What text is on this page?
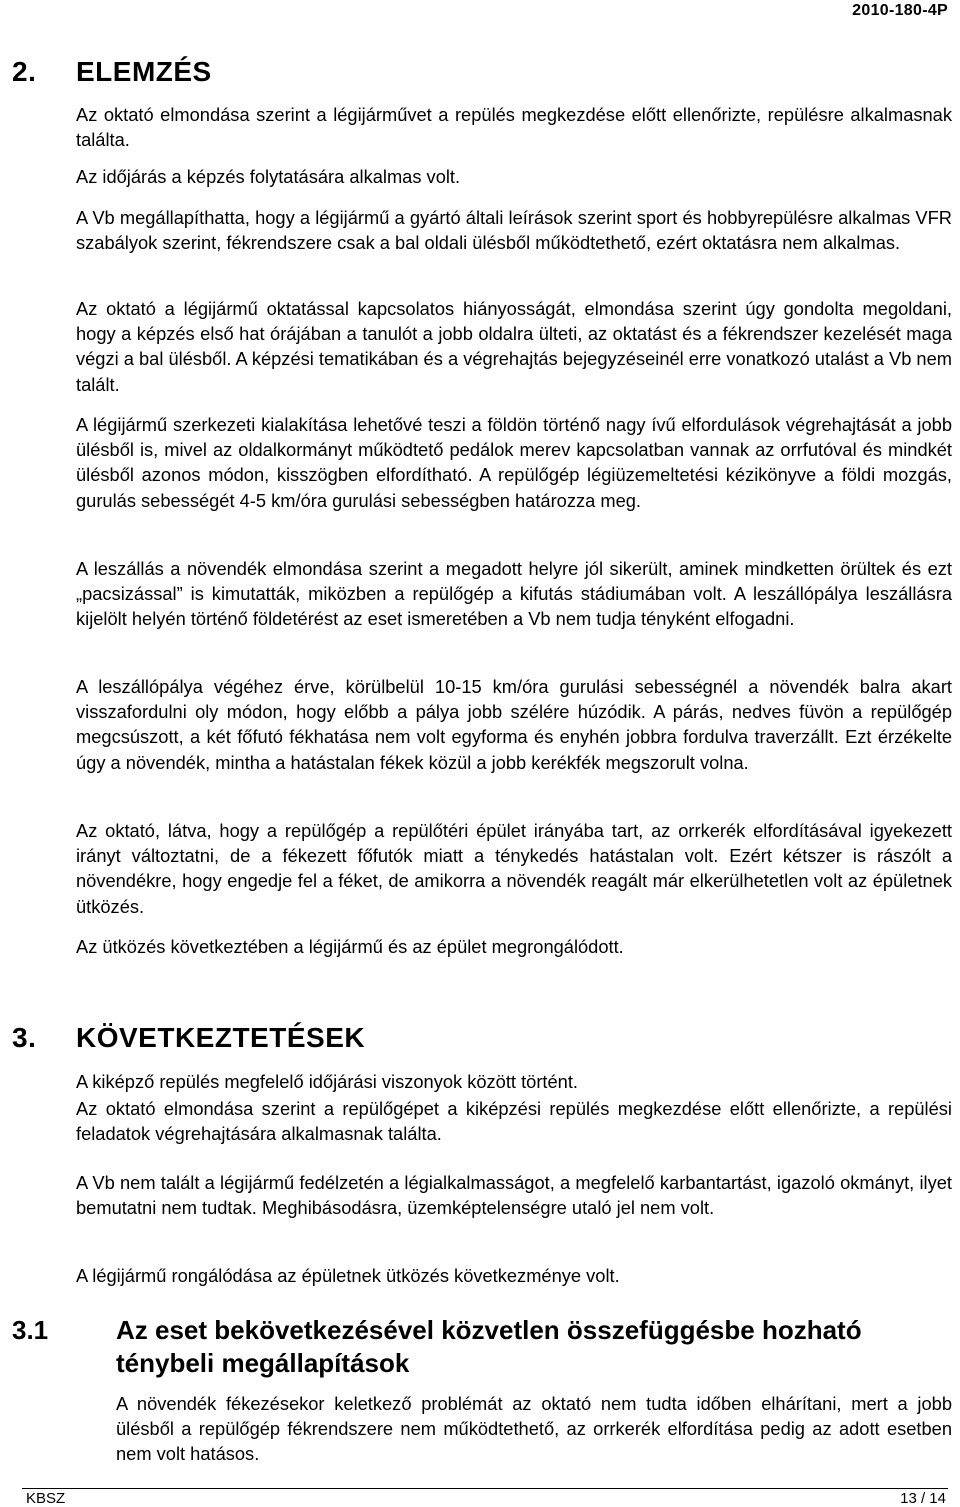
2010-180-4P
2.	ELEMZÉS

Az oktató elmondása szerint a légijárművet a repülés megkezdése előtt ellenőrizte, repülésre alkalmasnak találta.

Az időjárás a képzés folytatására alkalmas volt.

A Vb megállapíthatta, hogy a légijármű a gyártó általi leírások szerint sport és hobbyrepülésre alkalmas VFR szabályok szerint, fékrendszere csak a bal oldali ülésből működtethető, ezért oktatásra nem alkalmas.

Az oktató a légijármű oktatással kapcsolatos hiányosságát, elmondása szerint úgy gondolta megoldani, hogy a képzés első hat órájában a tanulót a jobb oldalra ülteti, az oktatást és a fékrendszer kezelését maga végzi a bal ülésből. A képzési tematikában és a végrehajtás bejegyzéseinél erre vonatkozó utalást a Vb nem talált.

A légijármű szerkezeti kialakítása lehetővé teszi a földön történő nagy ívű elfordulások végrehajtását a jobb ülésből is, mivel az oldalkormányt működtető pedálok merev kapcsolatban vannak az orrfutóval és mindkét ülésből azonos módon, kisszögben elfordítható. A repülőgép légiüzemeltetési kézikönyve a földi mozgás, gurulás sebességét 4-5 km/óra gurulási sebességben határozza meg.

A leszállás a növendék elmondása szerint a megadott helyre jól sikerült, aminek mindketten örültek és ezt „pacsizással” is kimutatták, miközben a repülőgép a kifutás stádiumában volt. A leszállópálya leszállásra kijelölt helyén történő földetérést az eset ismeretében a Vb nem tudja tényként elfogadni.

A leszállópálya végéhez érve, körülbelül 10-15 km/óra gurulási sebességnél a növendék balra akart visszafordulni oly módon, hogy előbb a pálya jobb szélére húzódik. A párás, nedves füvön a repülőgép megcsúszott, a két főfutó fékhatása nem volt egyforma és enyhén jobbra fordulva traverzállt. Ezt érzékelte úgy a növendék, mintha a hatástalan fékek közül a jobb kerékfék megszorult volna.

Az oktató, látva, hogy a repülőgép a repülőtéri épület irányába tart, az orrkerék elfordításával igyekezett irányt változtatni, de a fékezett főfutók miatt a ténykedés hatástalan volt. Ezért kétszer is rászólt a növendékre, hogy engedje fel a féket, de amikorra a növendék reagált már elkerülhetetlen volt az épületnek ütközés.

Az ütközés következtében a légijármű és az épület megrongálódott.

3.	KÖVETKEZTETÉSEK

A kiképző repülés megfelelő időjárási viszonyok között történt.

Az oktató elmondása szerint a repülőgépet a kiképzési repülés megkezdése előtt ellenőrizte, a repülési feladatok végrehajtására alkalmasnak találta.

A Vb nem talált a légijármű fedélzetén a légialkalmasságot, a megfelelő karbantartást, igazoló okmányt, ilyet bemutatni nem tudtak. Meghibásodásra, üzemképtelenségre utaló jel nem volt.

A légijármű rongálódása az épületnek ütközés következménye volt.

3.1	Az eset bekövetkezésével közvetlen összefüggésbe hozható ténybeli megállapítások

A növendék fékezésekor keletkező problémát az oktató nem tudta időben elhárítani, mert a jobb ülésből a repülőgép fékrendszere nem működtethető, az orrkerék elfordítása pedig az adott esetben nem volt hatásos.

KBSZ	13 / 14
